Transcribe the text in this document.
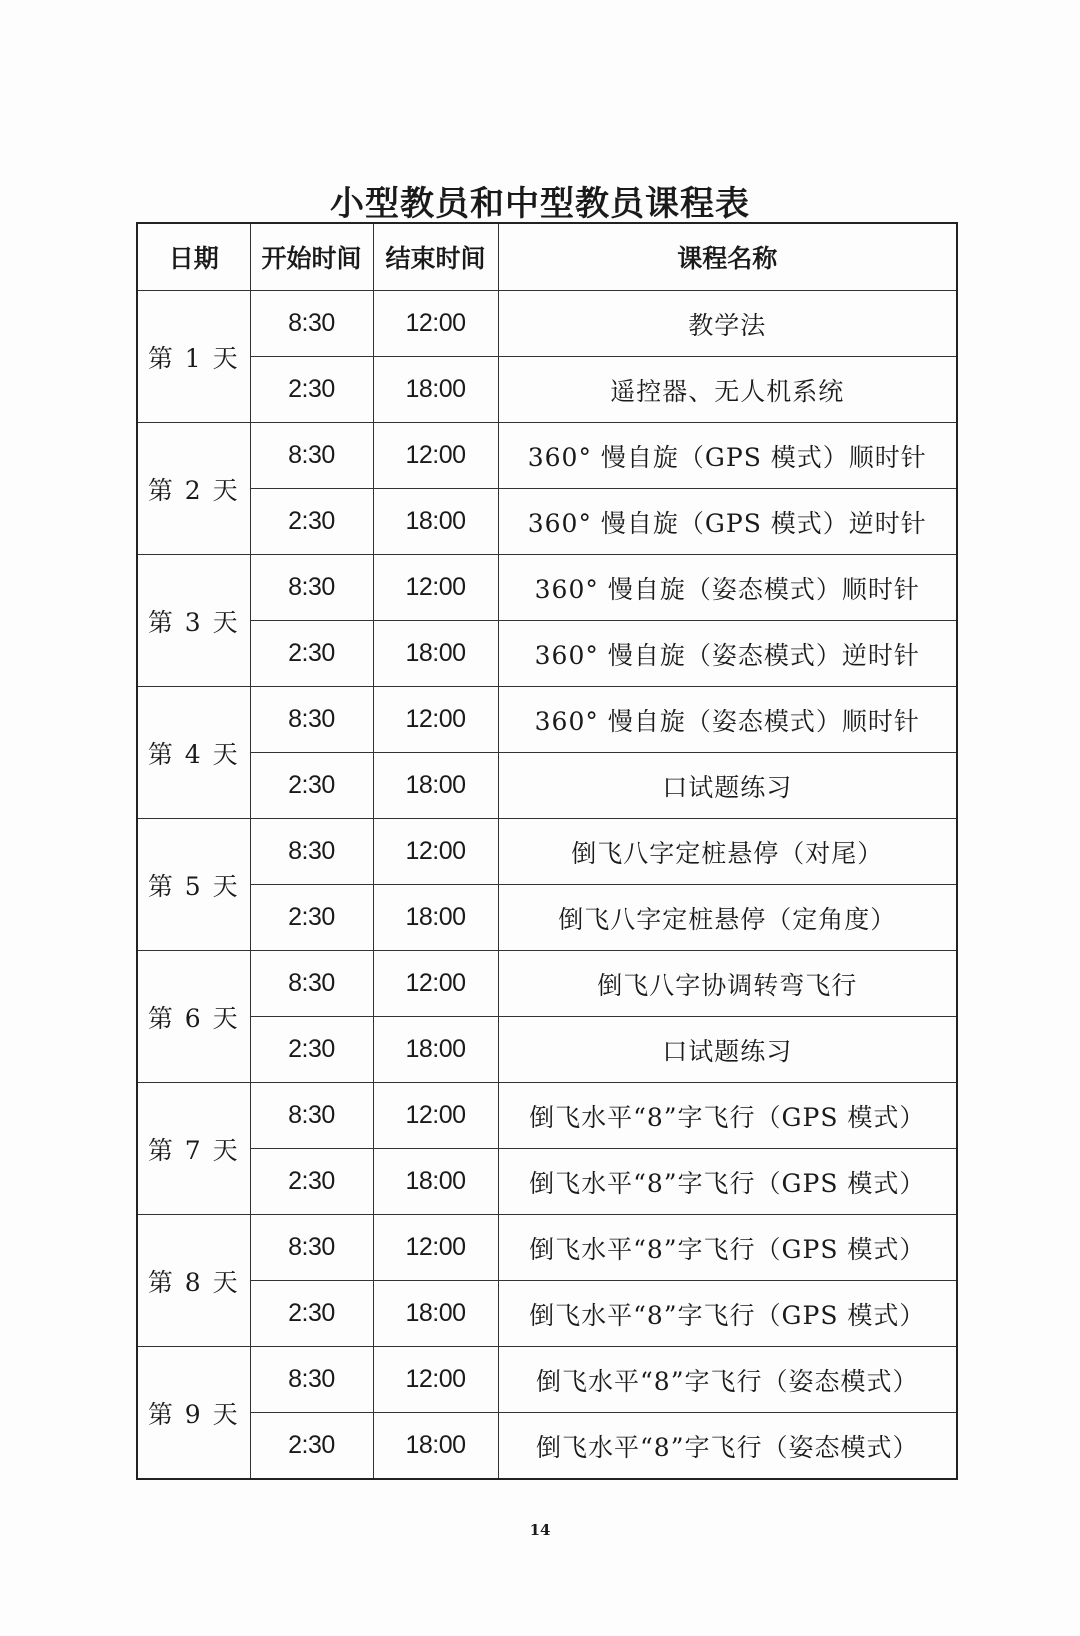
小型教员和中型教员课程表
日期	开始时间	结束时间	课程名称
第 1 天	8:30	12:00	教学法
	2:30	18:00	遥控器、无人机系统
第 2 天	8:30	12:00	360° 慢自旋（GPS 模式）顺时针
	2:30	18:00	360° 慢自旋（GPS 模式）逆时针
第 3 天	8:30	12:00	360° 慢自旋（姿态模式）顺时针
	2:30	18:00	360° 慢自旋（姿态模式）逆时针
第 4 天	8:30	12:00	360° 慢自旋（姿态模式）顺时针
	2:30	18:00	口试题练习
第 5 天	8:30	12:00	倒飞八字定桩悬停（对尾）
	2:30	18:00	倒飞八字定桩悬停（定角度）
第 6 天	8:30	12:00	倒飞八字协调转弯飞行
	2:30	18:00	口试题练习
第 7 天	8:30	12:00	倒飞水平“8”字飞行（GPS 模式）
	2:30	18:00	倒飞水平“8”字飞行（GPS 模式）
第 8 天	8:30	12:00	倒飞水平“8”字飞行（GPS 模式）
	2:30	18:00	倒飞水平“8”字飞行（GPS 模式）
第 9 天	8:30	12:00	倒飞水平“8”字飞行（姿态模式）
	2:30	18:00	倒飞水平“8”字飞行（姿态模式）
14
